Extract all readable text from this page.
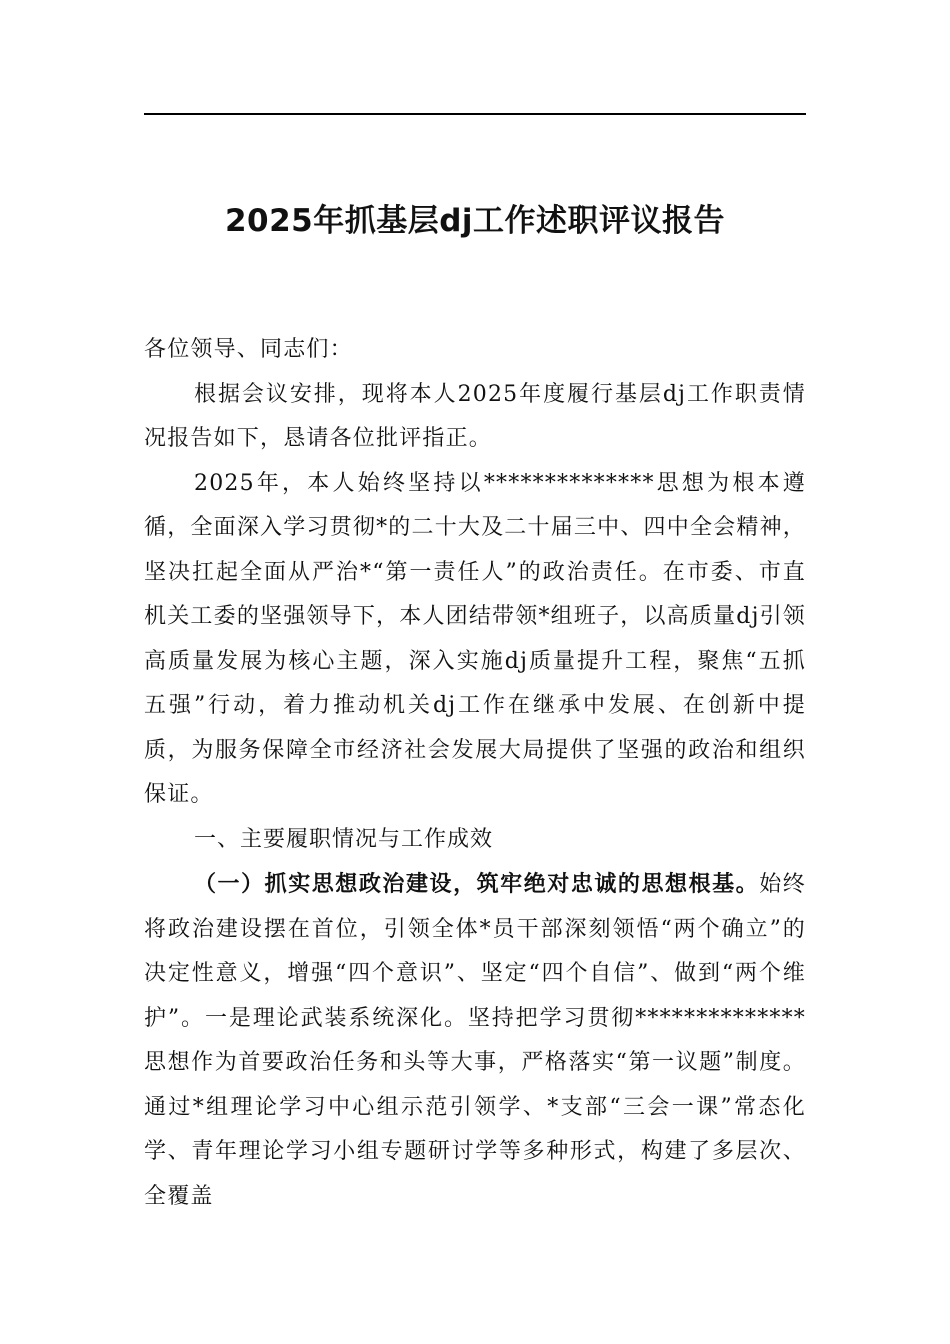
2025年抓基层dj工作述职评议报告

各位领导、同志们：

根据会议安排，现将本人2025年度履行基层dj工作职责情况报告如下，恳请各位批评指正。

2025年，本人始终坚持以**************思想为根本遵循，全面深入学习贯彻*的二十大及二十届三中、四中全会精神，坚决扛起全面从严治*“第一责任人”的政治责任。在市委、市直机关工委的坚强领导下，本人团结带领*组班子，以高质量dj引领高质量发展为核心主题，深入实施dj质量提升工程，聚焦“五抓五强”行动，着力推动机关dj工作在继承中发展、在创新中提质，为服务保障全市经济社会发展大局提供了坚强的政治和组织保证。

一、主要履职情况与工作成效

（一）抓实思想政治建设，筑牢绝对忠诚的思想根基。始终将政治建设摆在首位，引领全体*员干部深刻领悟“两个确立”的决定性意义，增强“四个意识”、坚定“四个自信”、做到“两个维护”。一是理论武装系统深化。坚持把学习贯彻**************思想作为首要政治任务和头等大事，严格落实“第一议题”制度。通过*组理论学习中心组示范引领学、*支部“三会一课”常态化学、青年理论学习小组专题研讨学等多种形式，构建了多层次、全覆盖
